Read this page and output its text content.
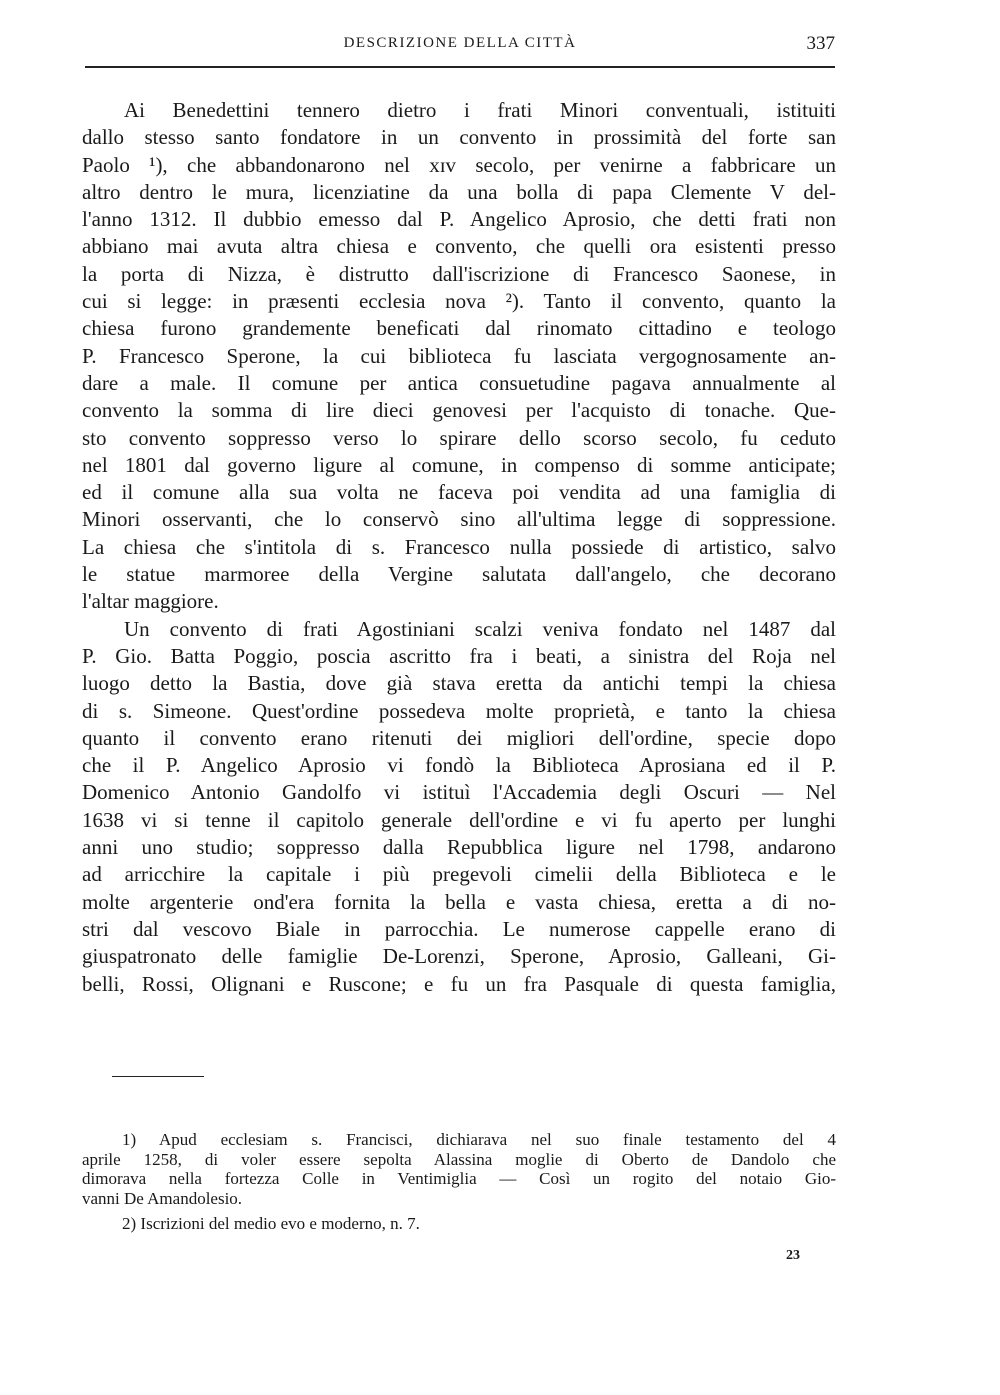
DESCRIZIONE DELLA CITTÀ	337
Ai Benedettini tennero dietro i frati Minori conventuali, istituiti
dallo stesso santo fondatore in un convento in prossimità del forte san
Paolo ¹), che abbandonarono nel xɪv secolo, per venirne a fabbricare un
altro dentro le mura, licenziatine da una bolla di papa Clemente V del-
l'anno 1312. Il dubbio emesso dal P. Angelico Aprosio, che detti frati non
abbiano mai avuta altra chiesa e convento, che quelli ora esistenti presso
la porta di Nizza, è distrutto dall'iscrizione di Francesco Saonese, in
cui si legge: in præsenti ecclesia nova ²). Tanto il convento, quanto la
chiesa furono grandemente beneficati dal rinomato cittadino e teologo
P. Francesco Sperone, la cui biblioteca fu lasciata vergognosamente an-
dare a male. Il comune per antica consuetudine pagava annualmente al
convento la somma di lire dieci genovesi per l'acquisto di tonache. Que-
sto convento soppresso verso lo spirare dello scorso secolo, fu ceduto
nel 1801 dal governo ligure al comune, in compenso di somme anticipate;
ed il comune alla sua volta ne faceva poi vendita ad una famiglia di
Minori osservanti, che lo conservò sino all'ultima legge di soppressione.
La chiesa che s'intitola di s. Francesco nulla possiede di artistico, salvo
le statue marmoree della Vergine salutata dall'angelo, che decorano
l'altar maggiore.
Un convento di frati Agostiniani scalzi veniva fondato nel 1487 dal
P. Gio. Batta Poggio, poscia ascritto fra i beati, a sinistra del Roja nel
luogo detto la Bastia, dove già stava eretta da antichi tempi la chiesa
di s. Simeone. Quest'ordine possedeva molte proprietà, e tanto la chiesa
quanto il convento erano ritenuti dei migliori dell'ordine, specie dopo
che il P. Angelico Aprosio vi fondò la Biblioteca Aprosiana ed il P.
Domenico Antonio Gandolfo vi istituì l'Accademia degli Oscuri — Nel
1638 vi si tenne il capitolo generale dell'ordine e vi fu aperto per lunghi
anni uno studio; soppresso dalla Repubblica ligure nel 1798, andarono
ad arricchire la capitale i più pregevoli cimelii della Biblioteca e le
molte argenterie ond'era fornita la bella e vasta chiesa, eretta a di no-
stri dal vescovo Biale in parrocchia. Le numerose cappelle erano di
giuspatronato delle famiglie De-Lorenzi, Sperone, Aprosio, Galleani, Gi-
belli, Rossi, Olignani e Ruscone; e fu un fra Pasquale di questa famiglia,
1) Apud ecclesiam s. Francisci, dichiarava nel suo finale testamento del 4
aprile 1258, di voler essere sepolta Alassina moglie di Oberto de Dandolo che
dimorava nella fortezza Colle in Ventimiglia — Così un rogito del notaio Gio-
vanni De Amandolesio.
2) Iscrizioni del medio evo e moderno, n. 7.
23
